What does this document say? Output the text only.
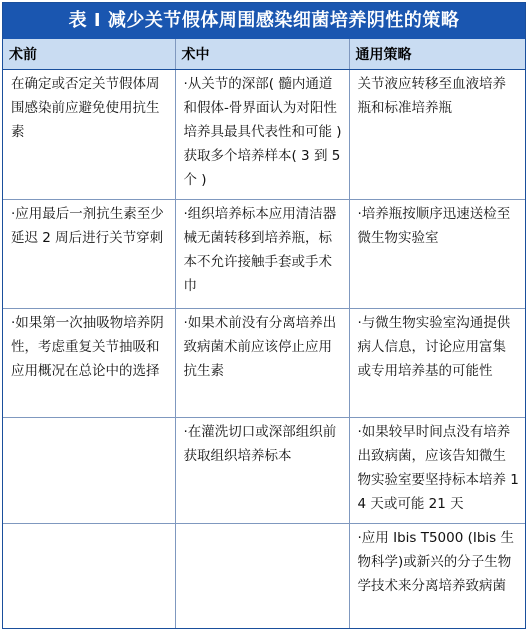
表 I 减少关节假体周围感染细菌培养阴性的策略
术前	术中	通用策略
在确定或否定关节假体周围感染前应避免使用抗生素	·从关节的深部( 髓内通道和假体-骨界面认为对阳性培养具最具代表性和可能 )获取多个培养样本( 3 到 5 个 )	关节液应转移至血液培养瓶和标准培养瓶
·应用最后一剂抗生素至少延迟 2 周后进行关节穿刺	·组织培养标本应用清洁器械无菌转移到培养瓶，标本不允许接触手套或手术巾	·培养瓶按顺序迅速送检至微生物实验室
·如果第一次抽吸物培养阴性，考虑重复关节抽吸和应用概况在总论中的选择	·如果术前没有分离培养出致病菌术前应该停止应用抗生素	·与微生物实验室沟通提供病人信息，讨论应用富集或专用培养基的可能性
	·在灌洗切口或深部组织前获取组织培养标本	·如果较早时间点没有培养出致病菌，应该告知微生物实验室要坚持标本培养 14 天或可能 21 天
		·应用 Ibis T5000 (Ibis 生物科学)或新兴的分子生物学技术来分离培养致病菌
